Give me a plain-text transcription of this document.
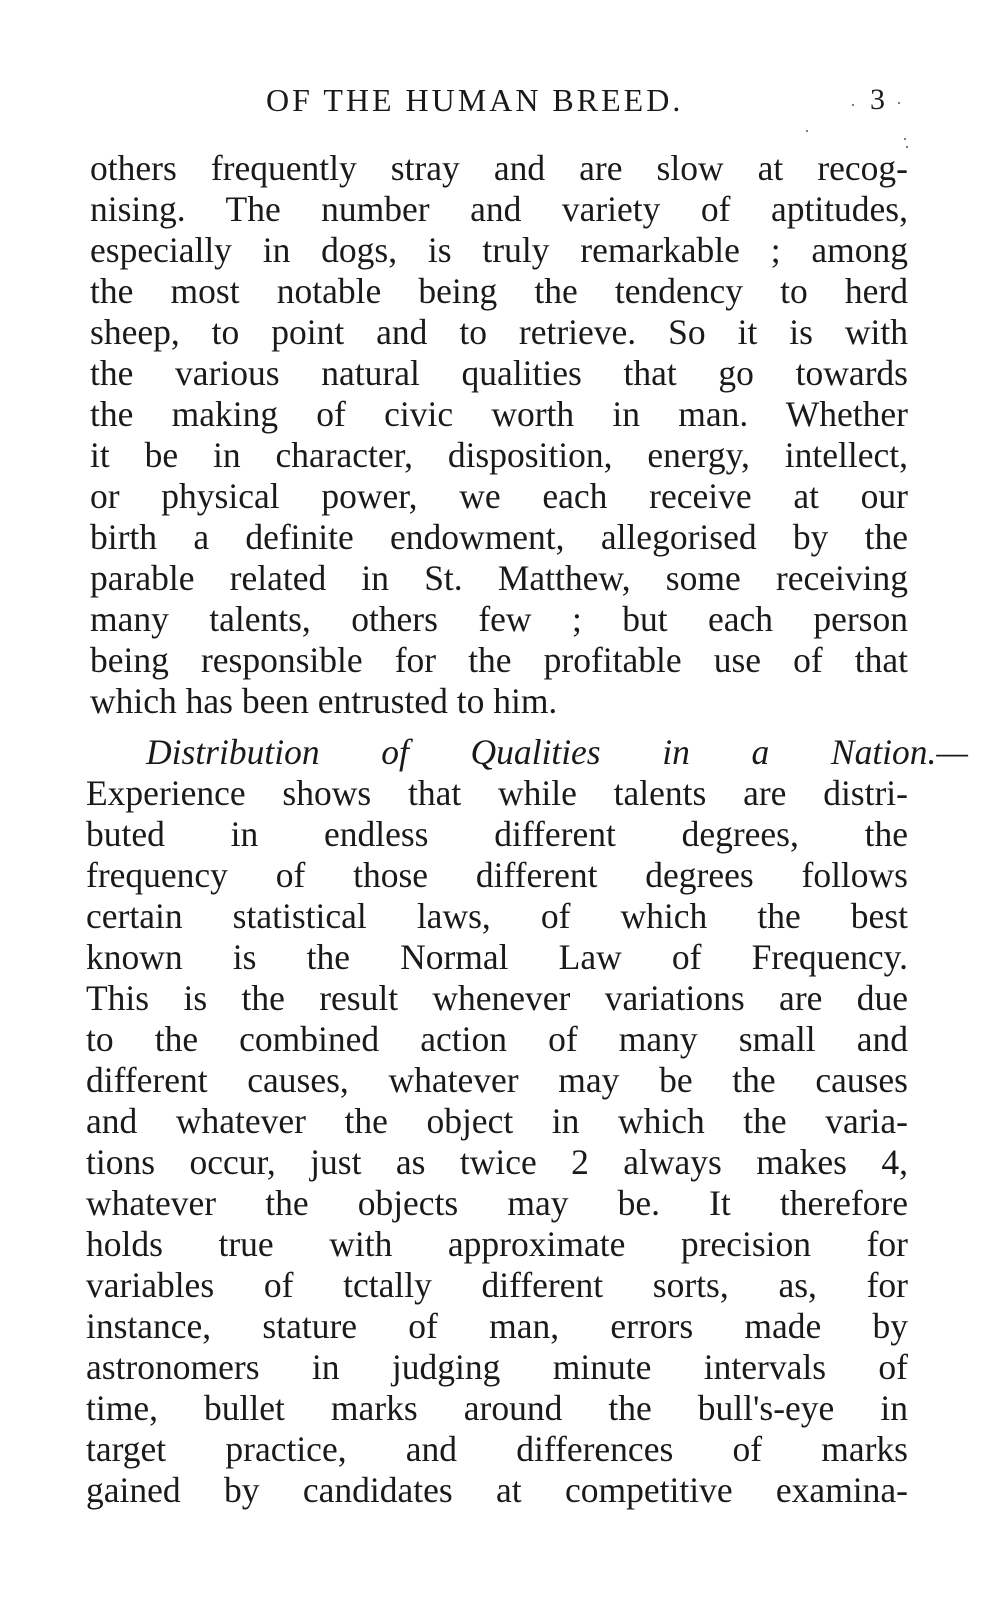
OF THE HUMAN BREED.	3
others frequently stray and are slow at recog-
nising. The number and variety of aptitudes,
especially in dogs, is truly remarkable ; among
the most notable being the tendency to herd
sheep, to point and to retrieve. So it is with
the various natural qualities that go towards
the making of civic worth in man. Whether
it be in character, disposition, energy, intellect,
or physical power, we each receive at our
birth a definite endowment, allegorised by the
parable related in St. Matthew, some receiving
many talents, others few ; but each person
being responsible for the profitable use of that
which has been entrusted to him.
Distribution of Qualities in a Nation.—
Experience shows that while talents are distri-
buted in endless different degrees, the
frequency of those different degrees follows
certain statistical laws, of which the best
known is the Normal Law of Frequency.
This is the result whenever variations are due
to the combined action of many small and
different causes, whatever may be the causes
and whatever the object in which the varia-
tions occur, just as twice 2 always makes 4,
whatever the objects may be. It therefore
holds true with approximate precision for
variables of tctally different sorts, as, for
instance, stature of man, errors made by
astronomers in judging minute intervals of
time, bullet marks around the bull's-eye in
target practice, and differences of marks
gained by candidates at competitive examina-
